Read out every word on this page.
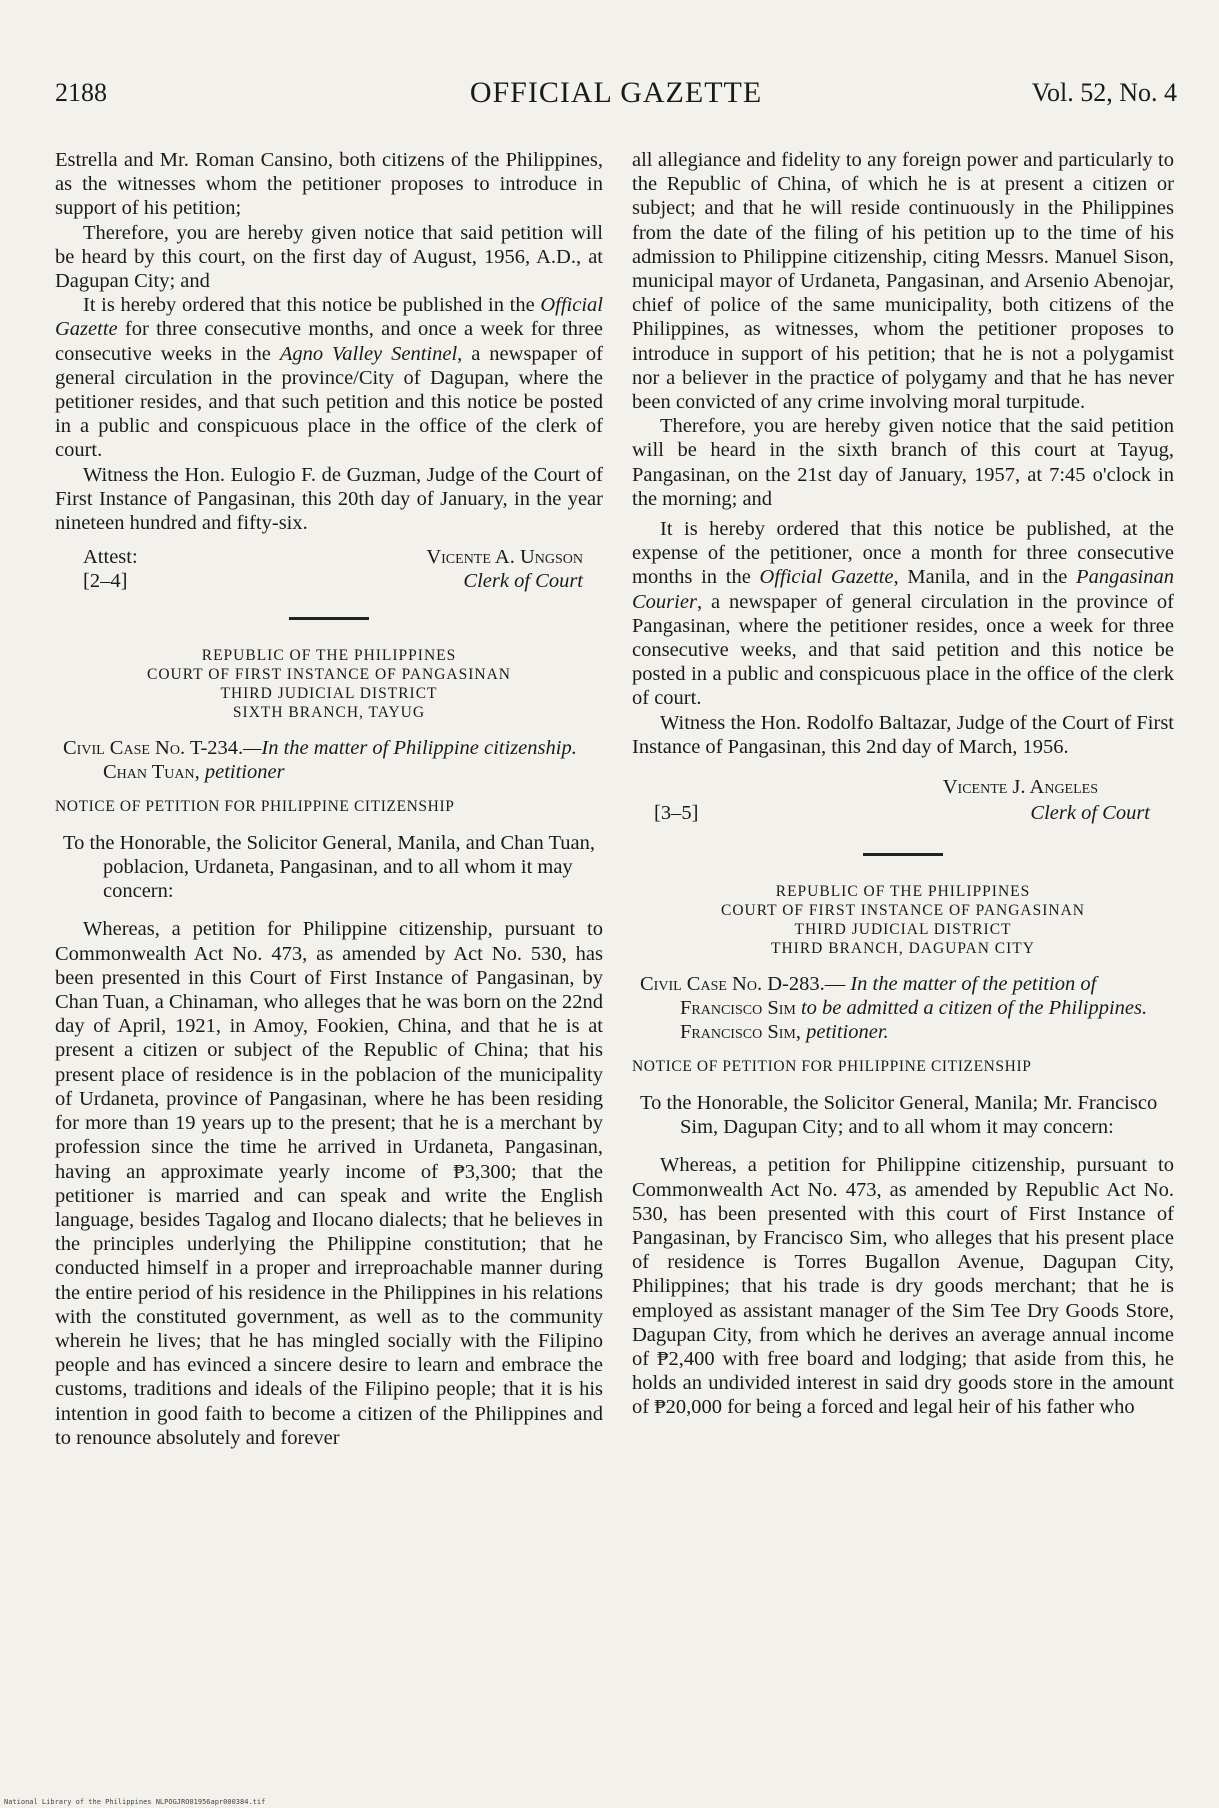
2188	OFFICIAL GAZETTE	Vol. 52, No. 4

Estrella and Mr. Roman Cansino, both citizens of the Philippines, as the witnesses whom the petitioner proposes to introduce in support of his petition;

Therefore, you are hereby given notice that said petition will be heard by this court, on the first day of August, 1956, A.D., at Dagupan City; and

It is hereby ordered that this notice be published in the Official Gazette for three consecutive months, and once a week for three consecutive weeks in the Agno Valley Sentinel, a newspaper of general circulation in the province/City of Dagupan, where the petitioner resides, and that such petition and this notice be posted in a public and conspicuous place in the office of the clerk of court.

Witness the Hon. Eulogio F. de Guzman, Judge of the Court of First Instance of Pangasinan, this 20th day of January, in the year nineteen hundred and fifty-six.

Attest:
[2–4]
Vicente A. Ungson
Clerk of Court
REPUBLIC OF THE PHILIPPINES
COURT OF FIRST INSTANCE OF PANGASINAN
THIRD JUDICIAL DISTRICT
SIXTH BRANCH, TAYUG

Civil Case No. T-234.—In the matter of Philippine citizenship. Chan Tuan, petitioner

NOTICE OF PETITION FOR PHILIPPINE CITIZENSHIP

To the Honorable, the Solicitor General, Manila, and Chan Tuan, poblacion, Urdaneta, Pangasinan, and to all whom it may concern:

Whereas, a petition for Philippine citizenship, pursuant to Commonwealth Act No. 473, as amended by Act No. 530, has been presented in this Court of First Instance of Pangasinan, by Chan Tuan, a Chinaman, who alleges that he was born on the 22nd day of April, 1921, in Amoy, Fookien, China, and that he is at present a citizen or subject of the Republic of China; that his present place of residence is in the poblacion of the municipality of Urdaneta, province of Pangasinan, where he has been residing for more than 19 years up to the present; that he is a merchant by profession since the time he arrived in Urdaneta, Pangasinan, having an approximate yearly income of ₱3,300; that the petitioner is married and can speak and write the English language, besides Tagalog and Ilocano dialects; that he believes in the principles underlying the Philippine constitution; that he conducted himself in a proper and irreproachable manner during the entire period of his residence in the Philippines in his relations with the constituted government, as well as to the community wherein he lives; that he has mingled socially with the Filipino people and has evinced a sincere desire to learn and embrace the customs, traditions and ideals of the Filipino people; that it is his intention in good faith to become a citizen of the Philippines and to renounce absolutely and forever

all allegiance and fidelity to any foreign power and particularly to the Republic of China, of which he is at present a citizen or subject; and that he will reside continuously in the Philippines from the date of the filing of his petition up to the time of his admission to Philippine citizenship, citing Messrs. Manuel Sison, municipal mayor of Urdaneta, Pangasinan, and Arsenio Abenojar, chief of police of the same municipality, both citizens of the Philippines, as witnesses, whom the petitioner proposes to introduce in support of his petition; that he is not a polygamist nor a believer in the practice of polygamy and that he has never been convicted of any crime involving moral turpitude.

Therefore, you are hereby given notice that the said petition will be heard in the sixth branch of this court at Tayug, Pangasinan, on the 21st day of January, 1957, at 7:45 o'clock in the morning; and

It is hereby ordered that this notice be published, at the expense of the petitioner, once a month for three consecutive months in the Official Gazette, Manila, and in the Pangasinan Courier, a newspaper of general circulation in the province of Pangasinan, where the petitioner resides, once a week for three consecutive weeks, and that said petition and this notice be posted in a public and conspicuous place in the office of the clerk of court.

Witness the Hon. Rodolfo Baltazar, Judge of the Court of First Instance of Pangasinan, this 2nd day of March, 1956.

Vicente J. Angeles
[3–5]	Clerk of Court
REPUBLIC OF THE PHILIPPINES
COURT OF FIRST INSTANCE OF PANGASINAN
THIRD JUDICIAL DISTRICT
THIRD BRANCH, DAGUPAN CITY

Civil Case No. D-283.— In the matter of the petition of Francisco Sim to be admitted a citizen of the Philippines. Francisco Sim, petitioner.

NOTICE OF PETITION FOR PHILIPPINE CITIZENSHIP

To the Honorable, the Solicitor General, Manila; Mr. Francisco Sim, Dagupan City; and to all whom it may concern:

Whereas, a petition for Philippine citizenship, pursuant to Commonwealth Act No. 473, as amended by Republic Act No. 530, has been presented with this court of First Instance of Pangasinan, by Francisco Sim, who alleges that his present place of residence is Torres Bugallon Avenue, Dagupan City, Philippines; that his trade is dry goods merchant; that he is employed as assistant manager of the Sim Tee Dry Goods Store, Dagupan City, from which he derives an average annual income of ₱2,400 with free board and lodging; that aside from this, he holds an undivided interest in said dry goods store in the amount of ₱20,000 for being a forced and legal heir of his father who

National Library of the Philippines NLPOGJRO01956apr000384.tif
